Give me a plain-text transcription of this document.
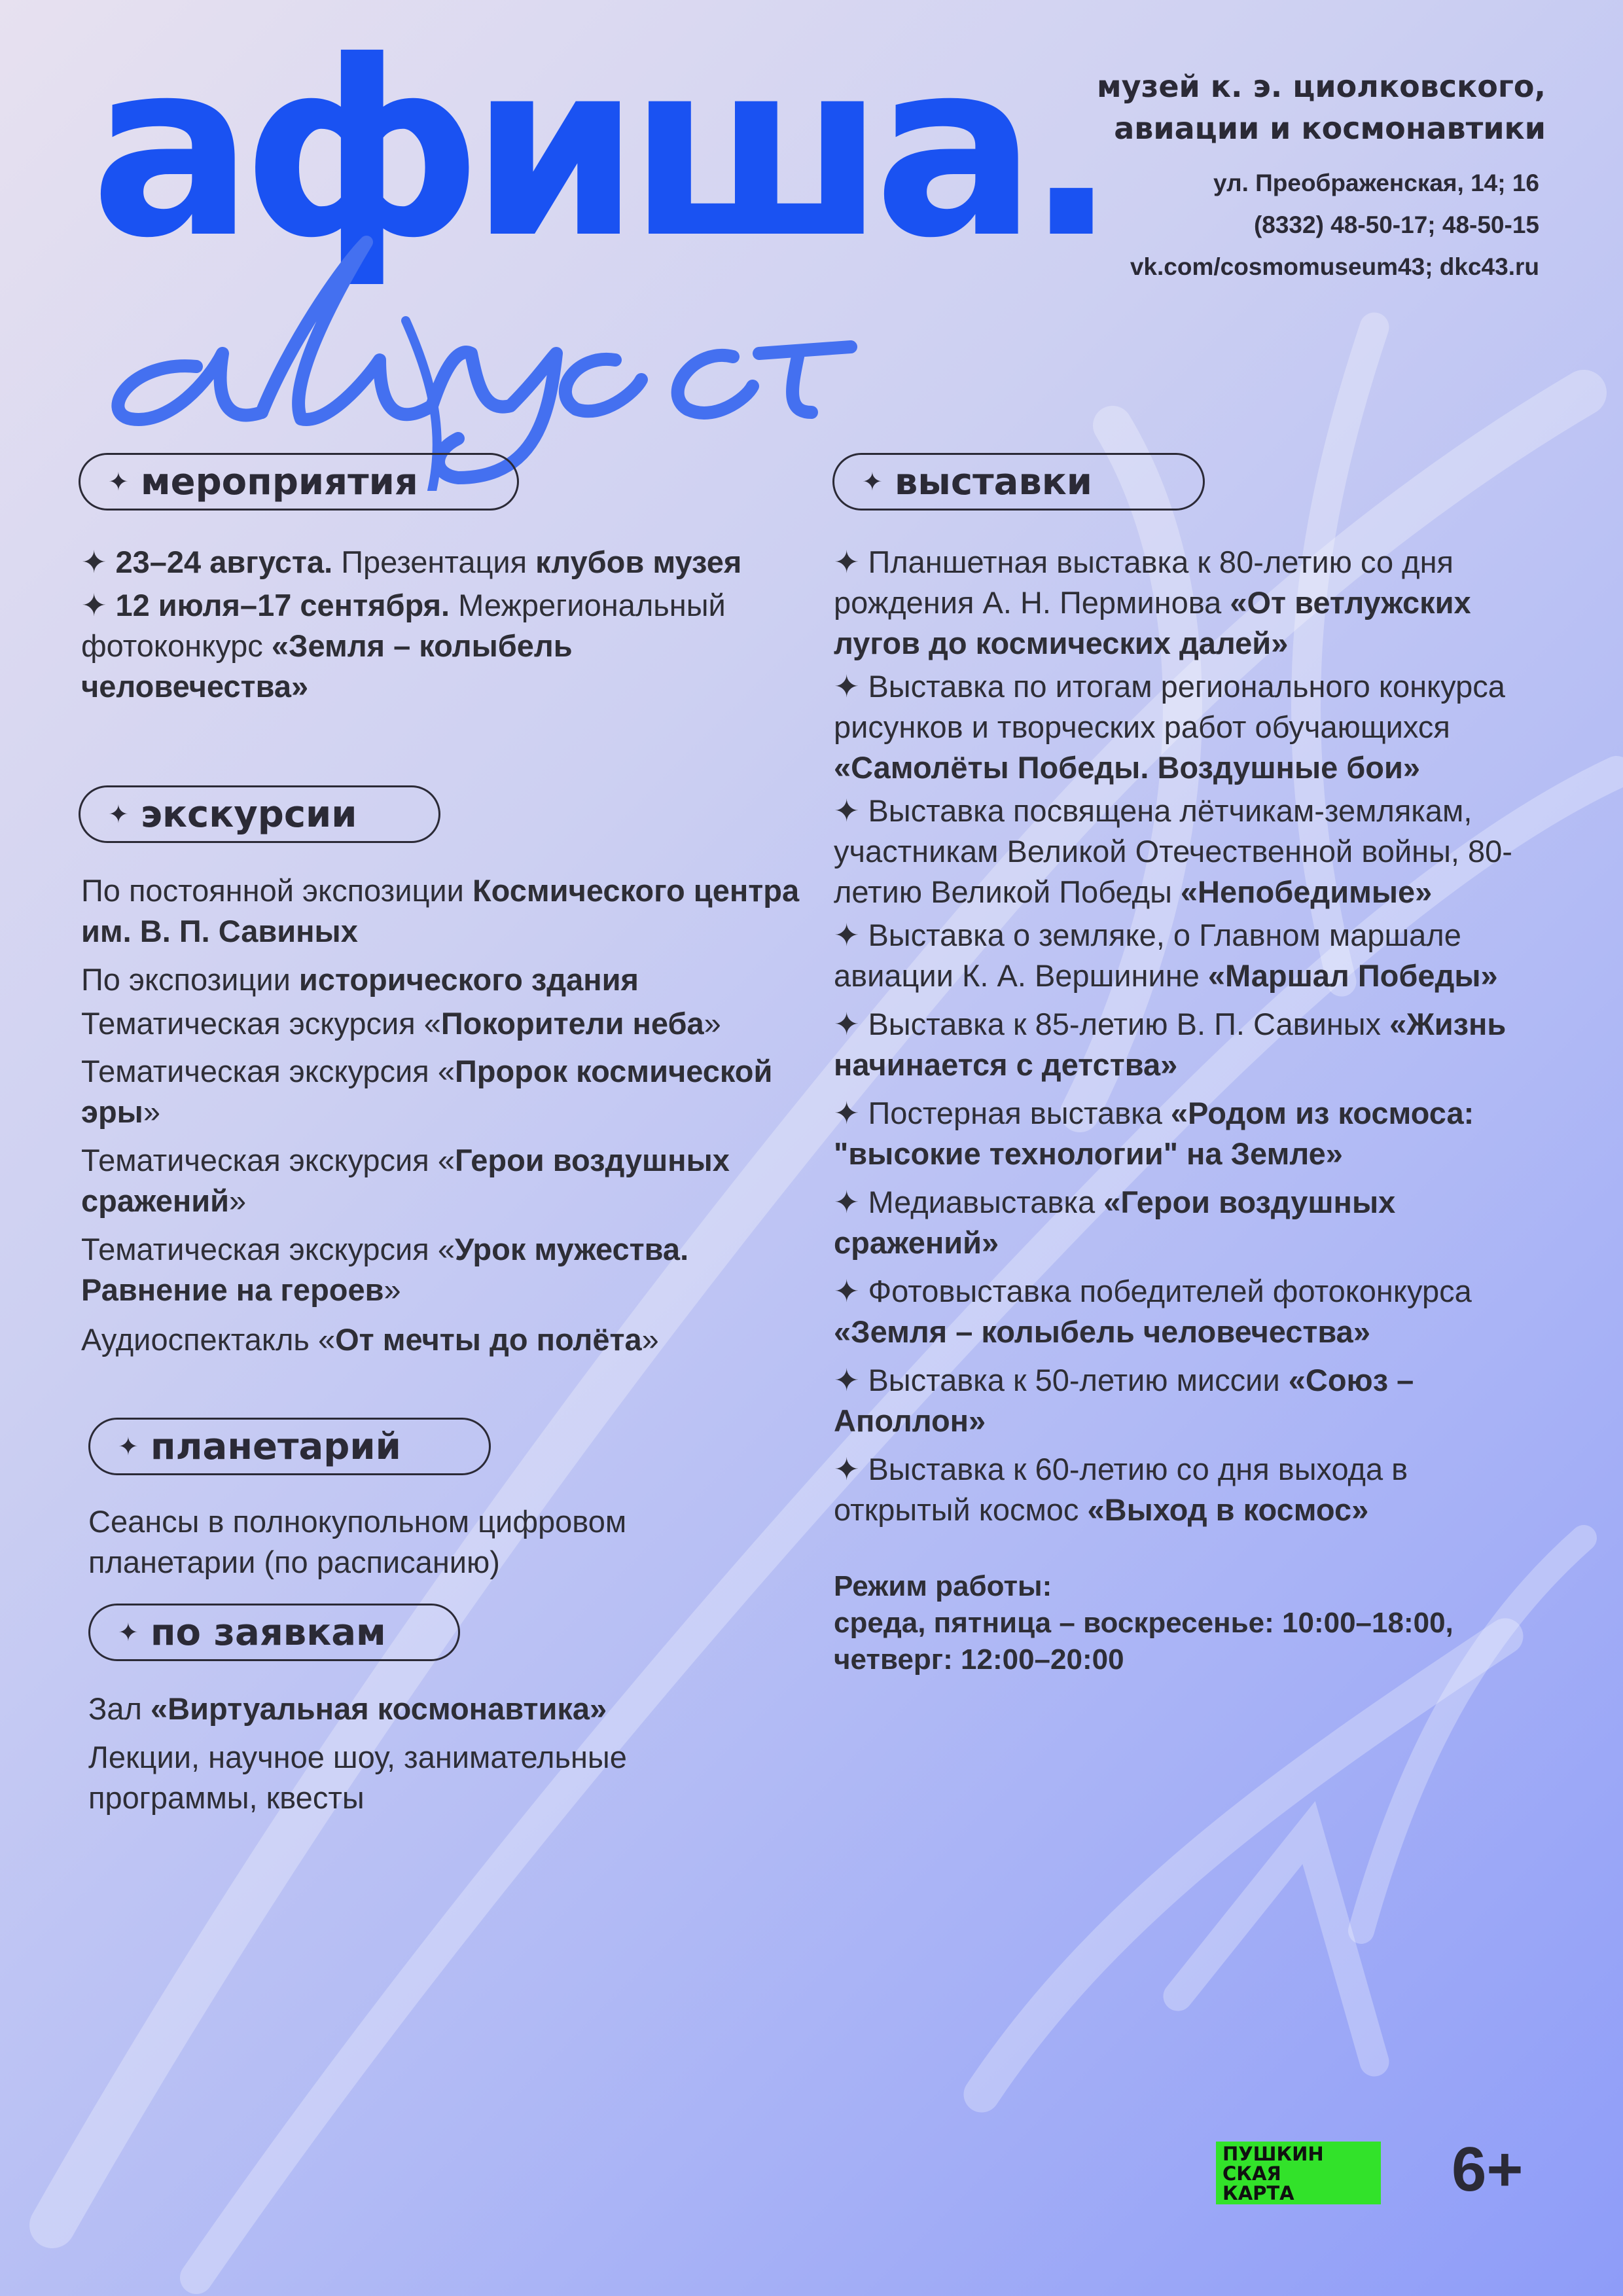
афиша.
музей к. э. циолковского,
авиации и космонавтики
ул. Преображенская, 14; 16
(8332) 48-50-17; 48-50-15
vk.com/cosmomuseum43; dkc43.ru
✦ мероприятия

✦ 23–24 августа. Презентация клубов музея

✦ 12 июля–17 сентября. Межрегиональный фотоконкурс «Земля – колыбель человечества»

✦ экскурсии

По постоянной экспозиции Космического центра им. В. П. Савиных

По экспозиции исторического здания

Тематическая эскурсия «Покорители неба»

Тематическая экскурсия «Пророк космической эры»

Тематическая экскурсия «Герои воздушных сражений»

Тематическая экскурсия «Урок мужества. Равнение на героев»

Аудиоспектакль «От мечты до полёта»

✦ планетарий

Сеансы в полнокупольном цифровом планетарии (по расписанию)

✦ по заявкам

Зал «Виртуальная космонавтика»

Лекции, научное шоу, занимательные программы, квесты

✦ выставки

✦ Планшетная выставка к 80-летию со дня рождения А. Н. Перминова «От ветлужских лугов до космических далей»

✦ Выставка по итогам регионального конкурса рисунков и творческих работ обучающихся «Самолёты Победы. Воздушные бои»

✦ Выставка посвящена лётчикам-землякам, участникам Великой Отечественной войны, 80-летию Великой Победы «Непобедимые»

✦ Выставка о земляке, о Главном маршале авиации К. А. Вершинине «Маршал Победы»

✦ Выставка к 85-летию В. П. Савиных «Жизнь начинается с детства»

✦ Постерная выставка «Родом из космоса: "высокие технологии" на Земле»

✦ Медиавыставка «Герои воздушных сражений»

✦ Фотовыставка победителей фотоконкурса «Земля – колыбель человечества»

✦ Выставка к 50-летию миссии «Союз – Аполлон»

✦ Выставка к 60-летию со дня выхода в открытый космос «Выход в космос»

Режим работы:
среда, пятница – воскресенье: 10:00–18:00,
четверг: 12:00–20:00
ПУШКИН
СКАЯ
КАРТА	6+
